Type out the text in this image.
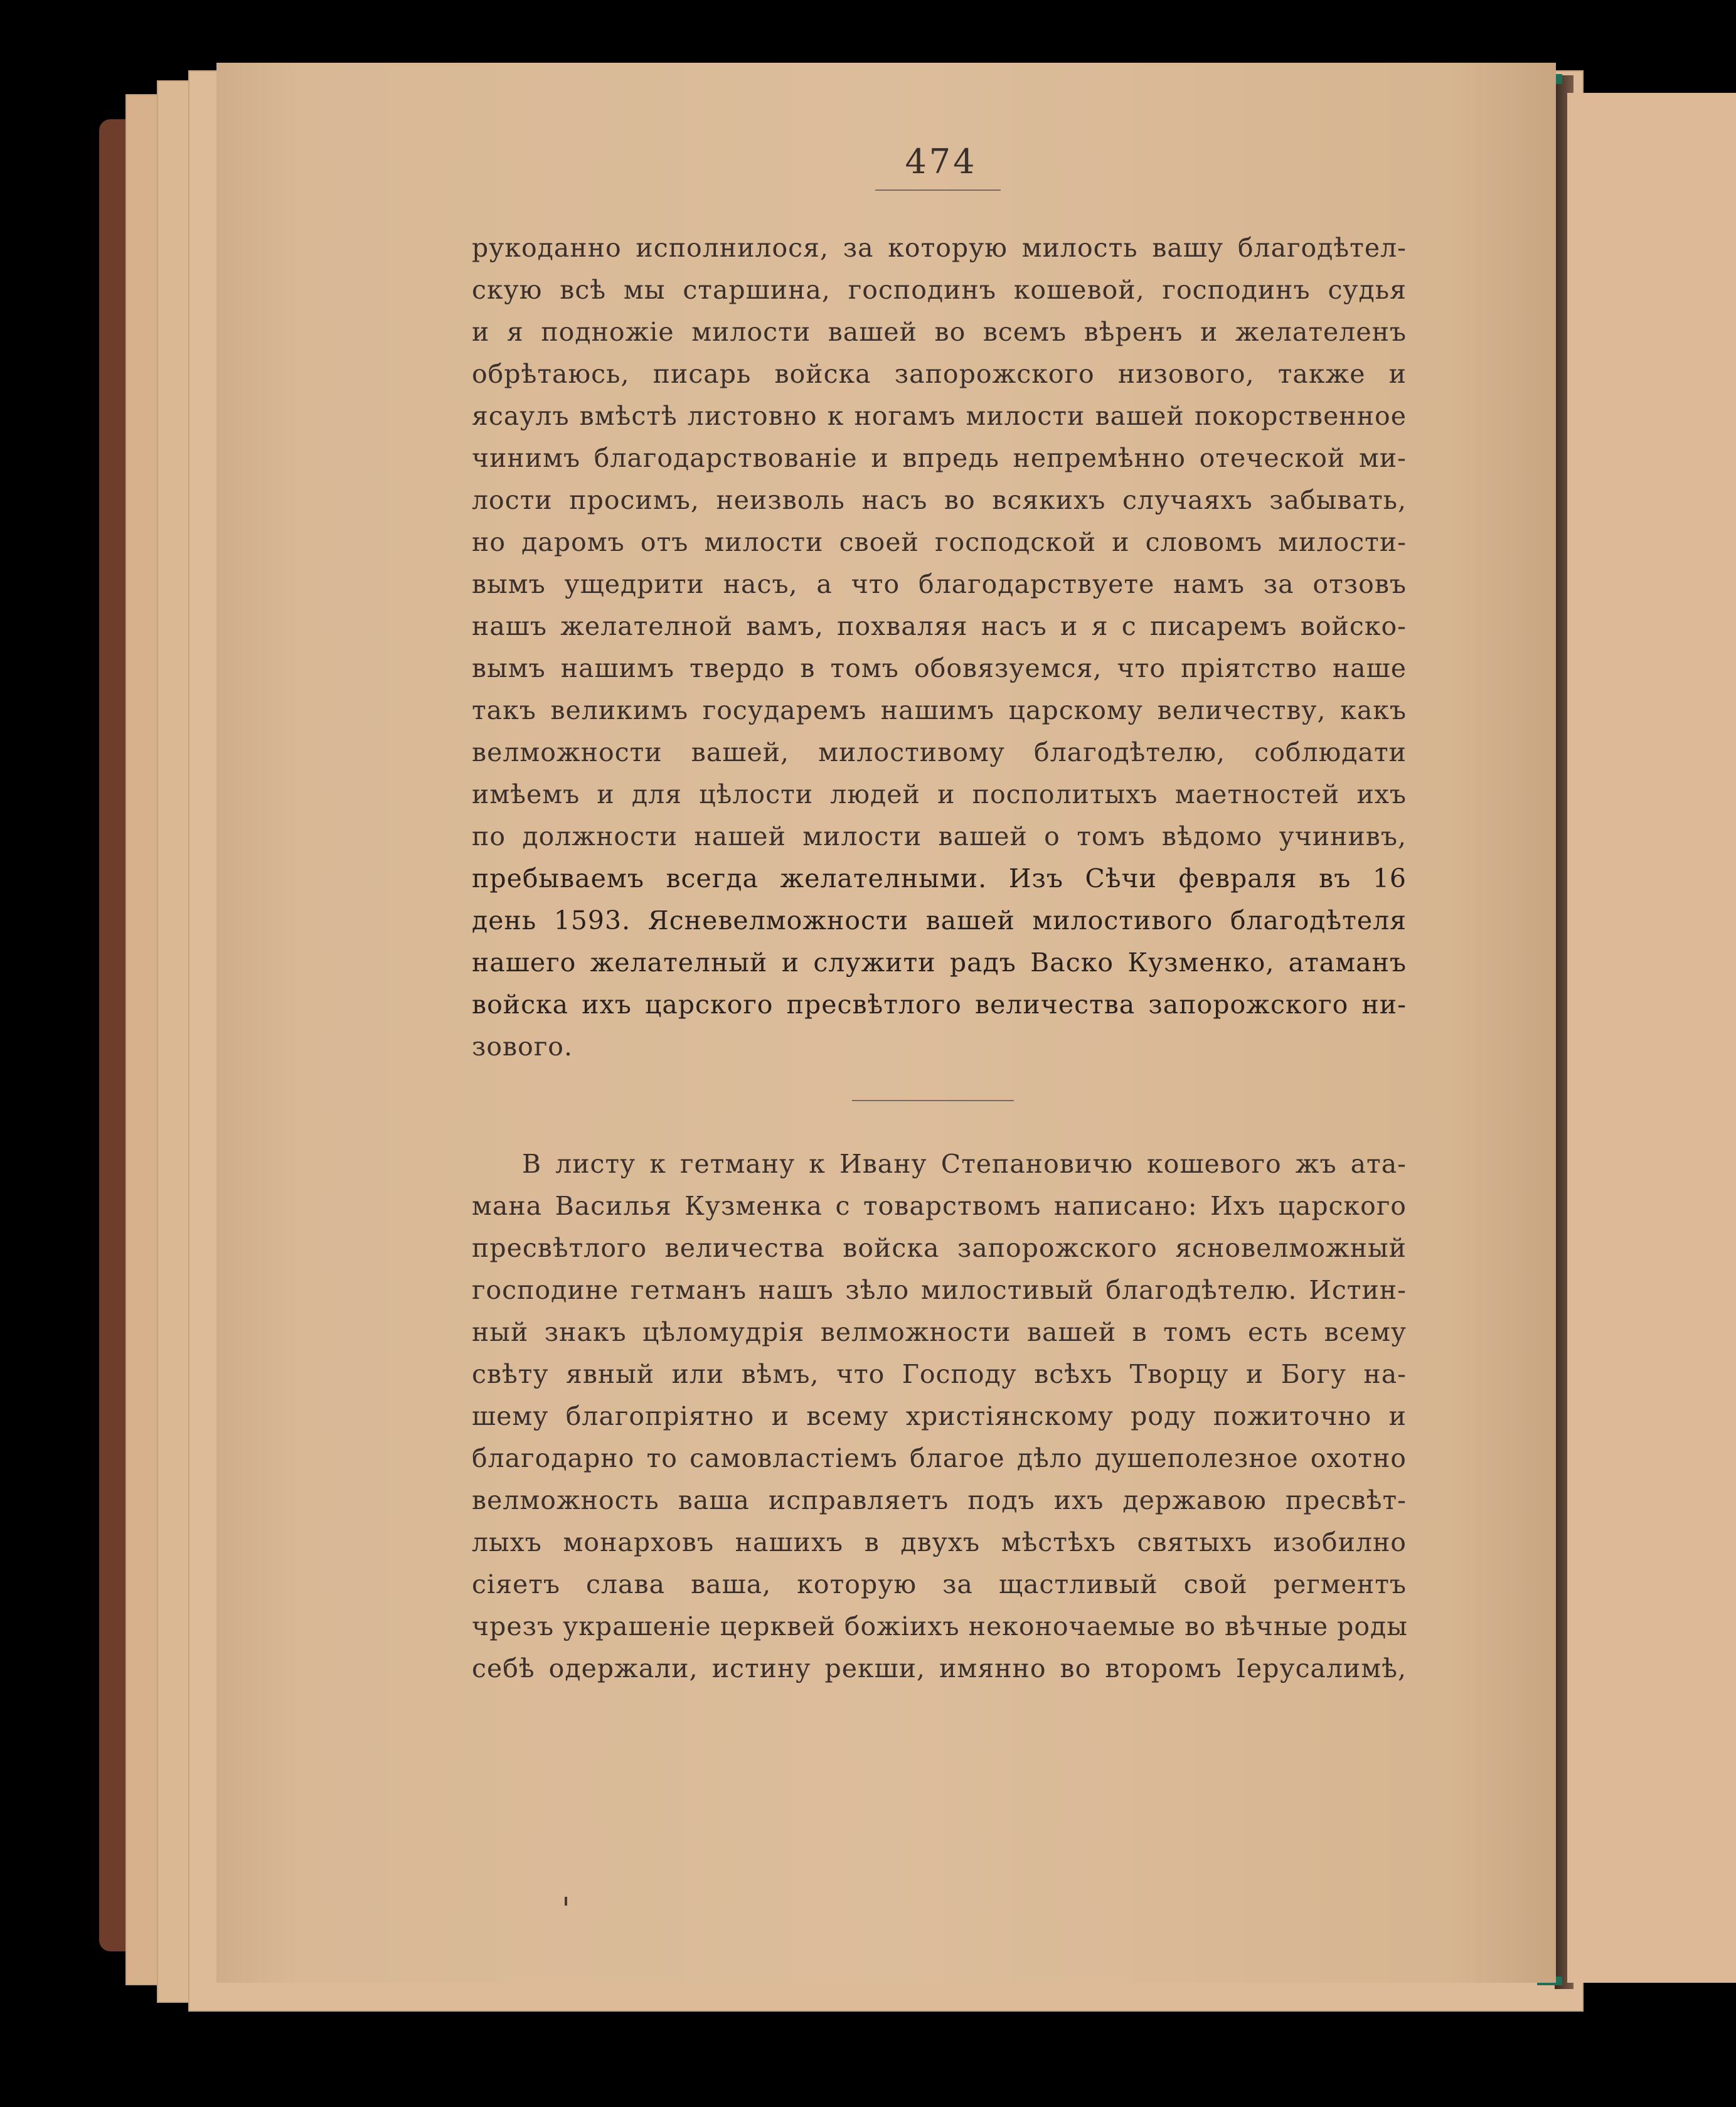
474
рукоданно исполнилося, за которую милость вашу благодѣтел-
скую всѣ мы старшина, господинъ кошевой, господинъ судья
и я подножіе милости вашей во всемъ вѣренъ и желателенъ
обрѣтаюсь, писарь войска запорожского низового, также и
ясаулъ вмѣстѣ листовно к ногамъ милости вашей покорственное
чинимъ благодарствованіе и впредь непремѣнно отеческой ми-
лости просимъ, неизволь насъ во всякихъ случаяхъ забывать,
но даромъ отъ милости своей господской и словомъ милости-
вымъ ущедрити насъ, а что благодарствуете намъ за отзовъ
нашъ желателной вамъ, похваляя насъ и я с писаремъ войско-
вымъ нашимъ твердо в томъ обовязуемся, что пріятство наше
такъ великимъ государемъ нашимъ царскому величеству, какъ
велможности вашей, милостивому благодѣтелю, соблюдати
имѣемъ и для цѣлости людей и посполитыхъ маетностей ихъ
по должности нашей милости вашей о томъ вѣдомо учинивъ,
пребываемъ всегда желателными. Изъ Сѣчи февраля въ 16
день 1593. Ясневелможности вашей милостивого благодѣтеля
нашего желателный и служити радъ Васко Кузменко, атаманъ
войска ихъ царского пресвѣтлого величества запорожского ни-
зового.
В листу к гетману к Ивану Степановичю кошевого жъ ата-
мана Василья Кузменка с товарствомъ написано: Ихъ царского
пресвѣтлого величества войска запорожского ясновелможный
господине гетманъ нашъ зѣло милостивый благодѣтелю. Истин-
ный знакъ цѣломудрія велможности вашей в томъ есть всему
свѣту явный или вѣмъ, что Господу всѣхъ Творцу и Богу на-
шему благопріятно и всему христіянскому роду пожиточно и
благодарно то самовластіемъ благое дѣло душеполезное охотно
велможность ваша исправляетъ подъ ихъ державою пресвѣт-
лыхъ монарховъ нашихъ в двухъ мѣстѣхъ святыхъ изобилно
сіяетъ слава ваша, которую за щастливый свой регментъ
чрезъ украшеніе церквей божіихъ неконочаемые во вѣчные роды
себѣ одержали, истину рекши, имянно во второмъ Іерусалимѣ,
